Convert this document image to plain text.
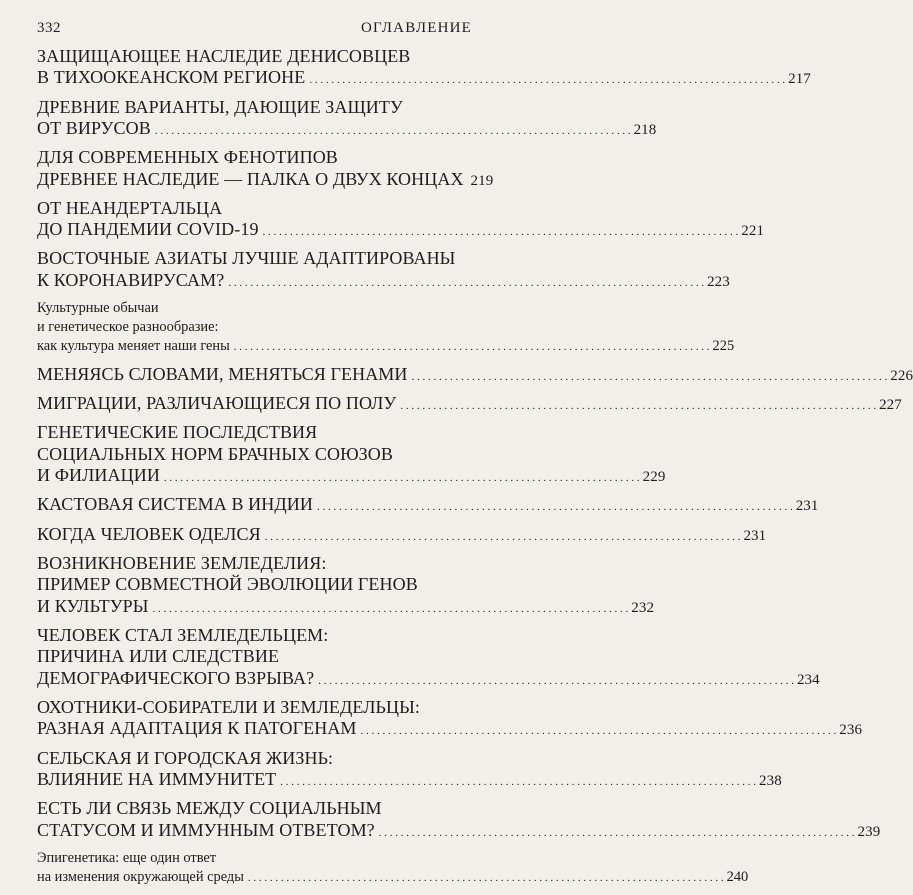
332	ОГЛАВЛЕНИЕ
ЗАЩИЩАЮЩЕЕ НАСЛЕДИЕ ДЕНИСОВЦЕВ
В ТИХООКЕАНСКОМ РЕГИОНЕ . . .	217
ДРЕВНИЕ ВАРИАНТЫ, ДАЮЩИЕ ЗАЩИТУ
ОТ ВИРУСОВ . . .	218
ДЛЯ СОВРЕМЕННЫХ ФЕНОТИПОВ
ДРЕВНЕЕ НАСЛЕДИЕ — ПАЛКА О ДВУХ КОНЦАХ 219
ОТ НЕАНДЕРТАЛЬЦА
ДО ПАНДЕМИИ COVID-19 . . .	221
ВОСТОЧНЫЕ АЗИАТЫ ЛУЧШЕ АДАПТИРОВАНЫ
К КОРОНАВИРУСАМ? . . .	223
Культурные обычаи
и генетическое разнообразие:
как культура меняет наши гены . . .	225
МЕНЯЯСЬ СЛОВАМИ, МЕНЯТЬСЯ ГЕНАМИ . . .	226
МИГРАЦИИ, РАЗЛИЧАЮЩИЕСЯ ПО ПОЛУ . . .	227
ГЕНЕТИЧЕСКИЕ ПОСЛЕДСТВИЯ
СОЦИАЛЬНЫХ НОРМ БРАЧНЫХ СОЮЗОВ
И ФИЛИАЦИИ . . .	229
КАСТОВАЯ СИСТЕМА В ИНДИИ . . .	231
КОГДА ЧЕЛОВЕК ОДЕЛСЯ . . .	231
ВОЗНИКНОВЕНИЕ ЗЕМЛЕДЕЛИЯ:
ПРИМЕР СОВМЕСТНОЙ ЭВОЛЮЦИИ ГЕНОВ
И КУЛЬТУРЫ . . .	232
ЧЕЛОВЕК СТАЛ ЗЕМЛЕДЕЛЬЦЕМ:
ПРИЧИНА ИЛИ СЛЕДСТВИЕ
ДЕМОГРАФИЧЕСКОГО ВЗРЫВА? . . .	234
ОХОТНИКИ-СОБИРАТЕЛИ И ЗЕМЛЕДЕЛЬЦЫ:
РАЗНАЯ АДАПТАЦИЯ К ПАТОГЕНАМ . . .	236
СЕЛЬСКАЯ И ГОРОДСКАЯ ЖИЗНЬ:
ВЛИЯНИЕ НА ИММУНИТЕТ . . .	238
ЕСТЬ ЛИ СВЯЗЬ МЕЖДУ СОЦИАЛЬНЫМ
СТАТУСОМ И ИММУННЫМ ОТВЕТОМ? . . .	239
Эпигенетика: еще один ответ
на изменения окружающей среды . . .	240
